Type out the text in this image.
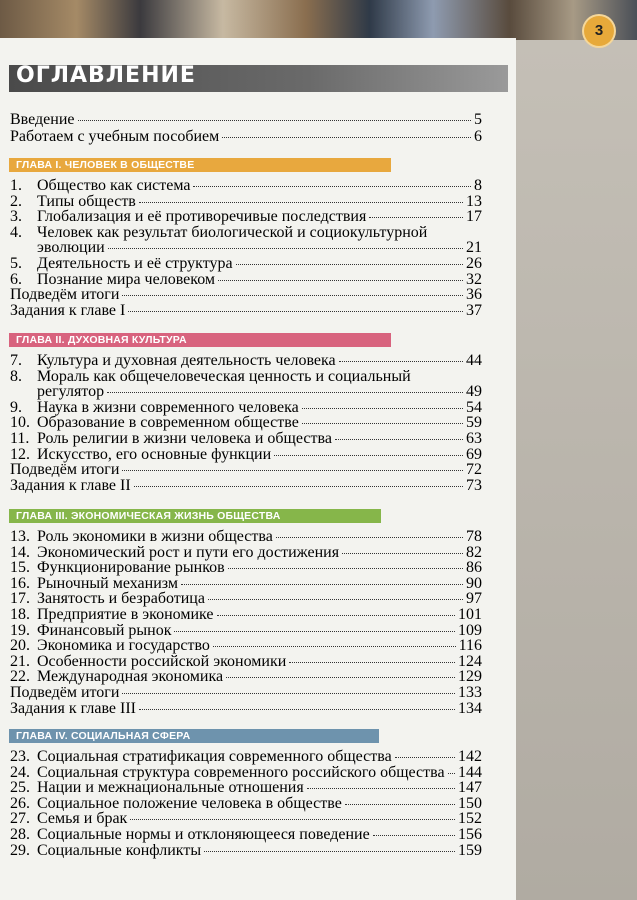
3
ОГЛАВЛЕНИЕ
Введение	5
Работаем с учебным пособием	6
ГЛАВА I. ЧЕЛОВЕК В ОБЩЕСТВЕ
1. Общество как система	8
2. Типы обществ	13
3. Глобализация и её противоречивые последствия	17
4. Человек как результат биологической и социокультурной
эволюции	21
5. Деятельность и её структура	26
6. Познание мира человеком	32
Подведём итоги	36
Задания к главе I	37
ГЛАВА II. ДУХОВНАЯ КУЛЬТУРА
7. Культура и духовная деятельность человека	44
8. Мораль как общечеловеческая ценность и социальный
регулятор	49
9. Наука в жизни современного человека	54
10. Образование в современном обществе	59
11. Роль религии в жизни человека и общества	63
12. Искусство, его основные функции	69
Подведём итоги	72
Задания к главе II	73
ГЛАВА III. ЭКОНОМИЧЕСКАЯ ЖИЗНЬ ОБЩЕСТВА
13. Роль экономики в жизни общества	78
14. Экономический рост и пути его достижения	82
15. Функционирование рынков	86
16. Рыночный механизм	90
17. Занятость и безработица	97
18. Предприятие в экономике	101
19. Финансовый рынок	109
20. Экономика и государство	116
21. Особенности российской экономики	124
22. Международная экономика	129
Подведём итоги	133
Задания к главе III	134
ГЛАВА IV. СОЦИАЛЬНАЯ СФЕРА
23. Социальная стратификация современного общества	142
24. Социальная структура современного российского общества 144
25. Нации и межнациональные отношения	147
26. Социальное положение человека в обществе	150
27. Семья и брак	152
28. Социальные нормы и отклоняющееся поведение	156
29. Социальные конфликты	159
